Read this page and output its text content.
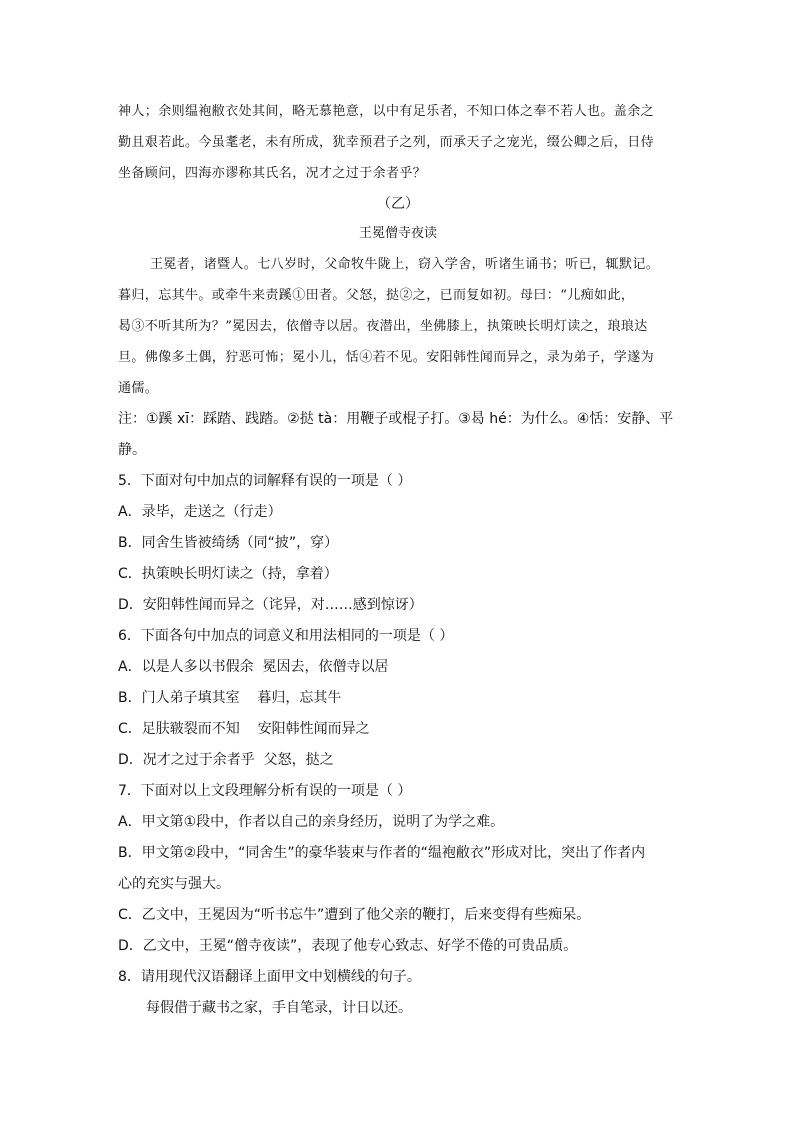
神人；余则缊袍敝衣处其间，略无慕艳意，以中有足乐者，不知口体之奉不若人也。盖余之

勤且艰若此。今虽耄老，未有所成，犹幸预君子之列，而承天子之宠光，缀公卿之后，日侍

坐备顾问，四海亦谬称其氏名，况才之过于余者乎？

（乙）

王冕僧寺夜读

王冕者，诸暨人。七八岁时，父命牧牛陇上，窃入学舍，听诸生诵书；听已，辄默记。

暮归，忘其牛。或牵牛来责蹊①田者。父怒，挞②之，已而复如初。母曰：“儿痴如此，

曷③不听其所为？”冕因去，依僧寺以居。夜潜出，坐佛膝上，执策映长明灯读之，琅琅达

旦。佛像多土偶，狞恶可怖；冕小儿，恬④若不见。安阳韩性闻而异之，录为弟子，学遂为

通儒。

注：①蹊 xī：踩踏、践踏。②挞 tà：用鞭子或棍子打。③曷 hé：为什么。④恬：安静、平

静。

5．下面对句中加点的词解释有误的一项是（ ）

A．录毕，走送之（行走）

B．同舍生皆被绮绣（同“披”，穿）

C．执策映长明灯读之（持，拿着）

D．安阳韩性闻而异之（诧异，对……感到惊讶）

6．下面各句中加点的词意义和用法相同的一项是（ ）

A．以是人多以书假余  冕因去，依僧寺以居

B．门人弟子填其室    暮归，忘其牛

C．足肤皲裂而不知    安阳韩性闻而异之

D．况才之过于余者乎  父怒，挞之

7．下面对以上文段理解分析有误的一项是（ ）

A．甲文第①段中，作者以自己的亲身经历，说明了为学之难。

B．甲文第②段中，“同舍生”的豪华装束与作者的“缊袍敝衣”形成对比，突出了作者内

心的充实与强大。

C．乙文中，王冕因为“听书忘牛”遭到了他父亲的鞭打，后来变得有些痴呆。

D．乙文中，王冕“僧寺夜读”，表现了他专心致志、好学不倦的可贵品质。

8．请用现代汉语翻译上面甲文中划横线的句子。

每假借于藏书之家，手自笔录，计日以还。
